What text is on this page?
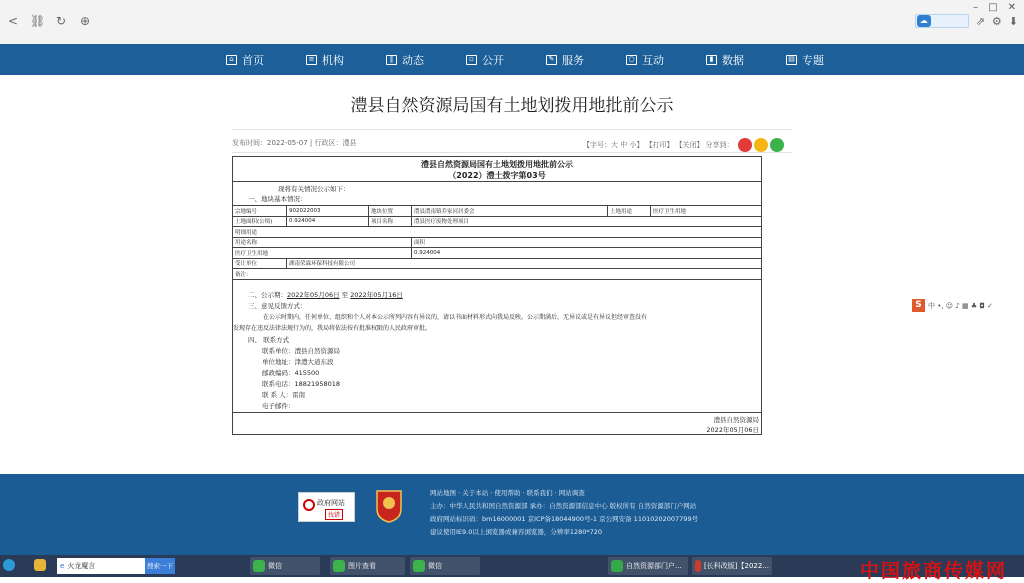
< ⛓ ↻ ⊕
– □ ✕
☁	⇗ ⚙ ⬇
⌂ 首页	≡ 机构	‖ 动态	▫ 公开	✎ 服务	○ 互动	▮ 数据	▤ 专题
澧县自然资源局国有土地划拨用地批前公示
发布时间：2022-05-07 | 行政区：澧县	【字号：大 中 小】 【打印】 【关闭】 分享到：
澧县自然资源局国有土地划拨用地批前公示
（2022）澧土拨字第03号
现将有关情况公示如下：
一、地块基本情况：
宗地编号	902022003	地块位置	澧县澧南镇乔家河居委会	土地用途	医疗卫生用地
土地面积(公顷)	0.924004	项目名称	澧县医疗废物处理项目		
明细用途					
用途名称			面积		
医疗卫生用地			0.924004		
受让单位	湖南荣霖环保科技有限公司				
备注：					
二、公示期：2022年05月06日 至 2022年05月16日
三、意见反馈方式：
在公示时期内，任何单位、组织和个人对本公示所列内容有异议的，请以书面材料形式向我局反映。公示期满后，无异议或是有异议但经审查没有
发现存在违反法律法规行为的，我局将依法按有批准权限的人民政府审批。
四、 联系方式
联系单位：澧县自然资源局
单位地址：津澧大道东段
邮政编码：415500
联系电话：18821958018
联 系 人：雷南
电子邮件：
澧县自然资源局
2022年05月06日
S 中 •, ☺ ♪ ▦ ♣ ◘ ✓
政府网站
找错
网站地图 · 关于本站 · 使用帮助 · 联系我们 · 网站调查
主办：中华人民共和国自然资源部 承办：自然资源部信息中心 版权所有 自然资源部门户网站
政府网站标识码：bm16000001 京ICP备18044900号-1 京公网安备 11010202007799号
建议使用IE9.0以上浏览器或兼容浏览器，分辨率1280*720
e 火龙魔言	搜索一下	微信	图片查看	微信	自然资源部门户...	[长科改版]【2022...	中国旅商传媒网
